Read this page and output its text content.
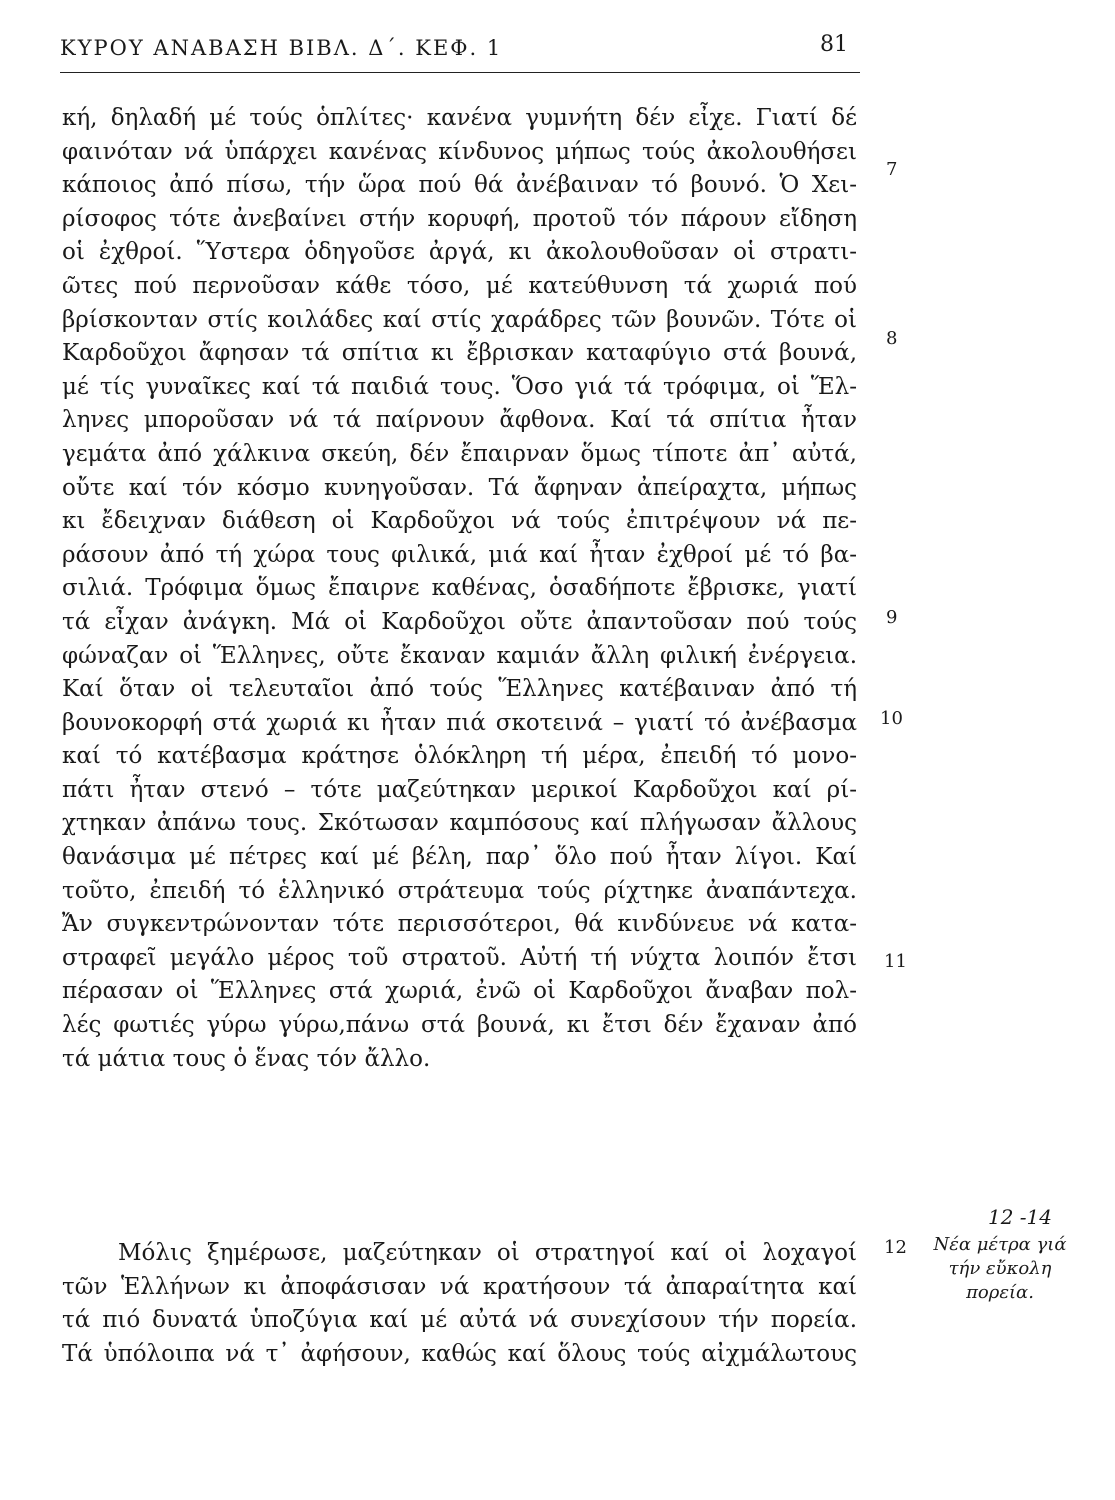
ΚΥΡΟΥ ΑΝΑΒΑΣΗ ΒΙΒΛ. Δ΄. ΚΕΦ. 1	81
κή, δηλαδή μέ τούς ὁπλίτες· κανένα γυμνήτη δέν εἶχε. Γιατί δέ
φαινόταν νά ὑπάρχει κανένας κίνδυνος μήπως τούς ἀκολουθήσει
κάποιος ἀπό πίσω, τήν ὥρα πού θά ἀνέβαιναν τό βουνό. Ὁ Χει-
ρίσοφος τότε ἀνεβαίνει στήν κορυφή, προτοῦ τόν πάρουν εἴδηση
οἱ ἐχθροί. Ὕστερα ὁδηγοῦσε ἀργά, κι ἀκολουθοῦσαν οἱ στρατι-
ῶτες πού περνοῦσαν κάθε τόσο, μέ κατεύθυνση τά χωριά πού
βρίσκονταν στίς κοιλάδες καί στίς χαράδρες τῶν βουνῶν. Τότε οἱ
Καρδοῦχοι ἄφησαν τά σπίτια κι ἔβρισκαν καταφύγιο στά βουνά,
μέ τίς γυναῖκες καί τά παιδιά τους. Ὅσο γιά τά τρόφιμα, οἱ Ἕλ-
ληνες μποροῦσαν νά τά παίρνουν ἄφθονα. Καί τά σπίτια ἦταν
γεμάτα ἀπό χάλκινα σκεύη, δέν ἔπαιρναν ὅμως τίποτε ἀπ᾽ αὐτά,
οὔτε καί τόν κόσμο κυνηγοῦσαν. Τά ἄφηναν ἀπείραχτα, μήπως
κι ἔδειχναν διάθεση οἱ Καρδοῦχοι νά τούς ἐπιτρέψουν νά πε-
ράσουν ἀπό τή χώρα τους φιλικά, μιά καί ἦταν ἐχθροί μέ τό βα-
σιλιά. Τρόφιμα ὅμως ἔπαιρνε καθένας, ὁσαδήποτε ἔβρισκε, γιατί
τά εἶχαν ἀνάγκη. Μά οἱ Καρδοῦχοι οὔτε ἀπαντοῦσαν πού τούς
φώναζαν οἱ Ἕλληνες, οὔτε ἔκαναν καμιάν ἄλλη φιλική ἐνέργεια.
Καί ὅταν οἱ τελευταῖοι ἀπό τούς Ἕλληνες κατέβαιναν ἀπό τή
βουνοκορφή στά χωριά κι ἦταν πιά σκοτεινά – γιατί τό ἀνέβασμα
καί τό κατέβασμα κράτησε ὁλόκληρη τή μέρα, ἐπειδή τό μονο-
πάτι ἦταν στενό – τότε μαζεύτηκαν μερικοί Καρδοῦχοι καί ρί-
χτηκαν ἀπάνω τους. Σκότωσαν καμπόσους καί πλήγωσαν ἄλλους
θανάσιμα μέ πέτρες καί μέ βέλη, παρ᾽ ὅλο πού ἦταν λίγοι. Καί
τοῦτο, ἐπειδή τό ἑλληνικό στράτευμα τούς ρίχτηκε ἀναπάντεχα.
Ἄν συγκεντρώνονταν τότε περισσότεροι, θά κινδύνευε νά κατα-
στραφεῖ μεγάλο μέρος τοῦ στρατοῦ. Αὐτή τή νύχτα λοιπόν ἔτσι
πέρασαν οἱ Ἕλληνες στά χωριά, ἐνῶ οἱ Καρδοῦχοι ἄναβαν πολ-
λές φωτιές γύρω γύρω,πάνω στά βουνά, κι ἔτσι δέν ἔχαναν ἀπό
τά μάτια τους ὁ ἕνας τόν ἄλλο.
7
8
9
10
11
12
Μόλις ξημέρωσε, μαζεύτηκαν οἱ στρατηγοί καί οἱ λοχαγοί
τῶν Ἑλλήνων κι ἀποφάσισαν νά κρατήσουν τά ἀπαραίτητα καί
τά πιό δυνατά ὑποζύγια καί μέ αὐτά νά συνεχίσουν τήν πορεία.
Τά ὑπόλοιπα νά τ᾽ ἀφήσουν, καθώς καί ὅλους τούς αἰχμάλωτους
12 -14
Νέα μέτρα γιά
τήν εὔκολη
πορεία.
